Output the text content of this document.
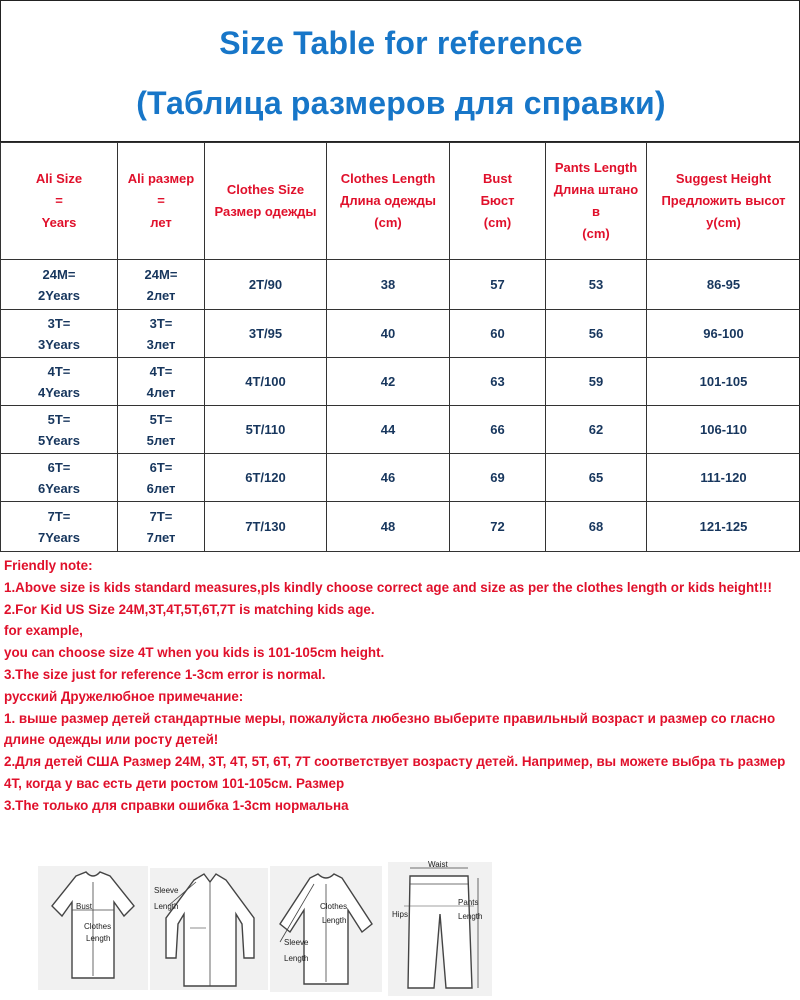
Size Table for reference
(Таблица размеров для справки)
Ali Size
=
Years	Ali размер
=
лет	Clothes Size
Размер одежды	Clothes Length
Длина одежды
(cm)	Bust
Бюст
(cm)	Pants Length
Длина штано
в
(cm)	Suggest Height
Предложить высот
у(cm)

24M=
2Years	24M=
2лет	2T/90	38	57	53	86-95

3T=
3Years	3T=
3лет	3T/95	40	60	56	96-100

4T=
4Years	4T=
4лет	4T/100	42	63	59	101-105

5T=
5Years	5T=
5лет	5T/110	44	66	62	106-110

6T=
6Years	6T=
6лет	6T/120	46	69	65	111-120

7T=
7Years	7T=
7лет	7T/130	48	72	68	121-125

Friendly note:

1.Above size is kids standard measures,pls kindly choose correct age and size as per the clothes length or kids height!!!

2.For Kid US Size 24M,3T,4T,5T,6T,7T is matching kids age.

for example,

you can choose size 4T when you kids is 101-105cm height.

3.The size just for reference 1-3cm error is normal.

русский Дружелюбное примечание:

1. выше размер детей стандартные меры, пожалуйста любезно выберите правильный возраст и размер со гласно длине одежды или росту детей!

2.Для детей США Размер 24M, 3T, 4T, 5T, 6T, 7T соответствует возрасту детей. Например, вы можете выбра ть размер 4T, когда у вас есть дети ростом 101-105см. Размер

3.The только для справки ошибка 1-3cm нормальна

Bust
Clothes
Length
Sleeve
Length	Clothes
Length
Sleeve
Length
Waist
Hips
Pants
Length
